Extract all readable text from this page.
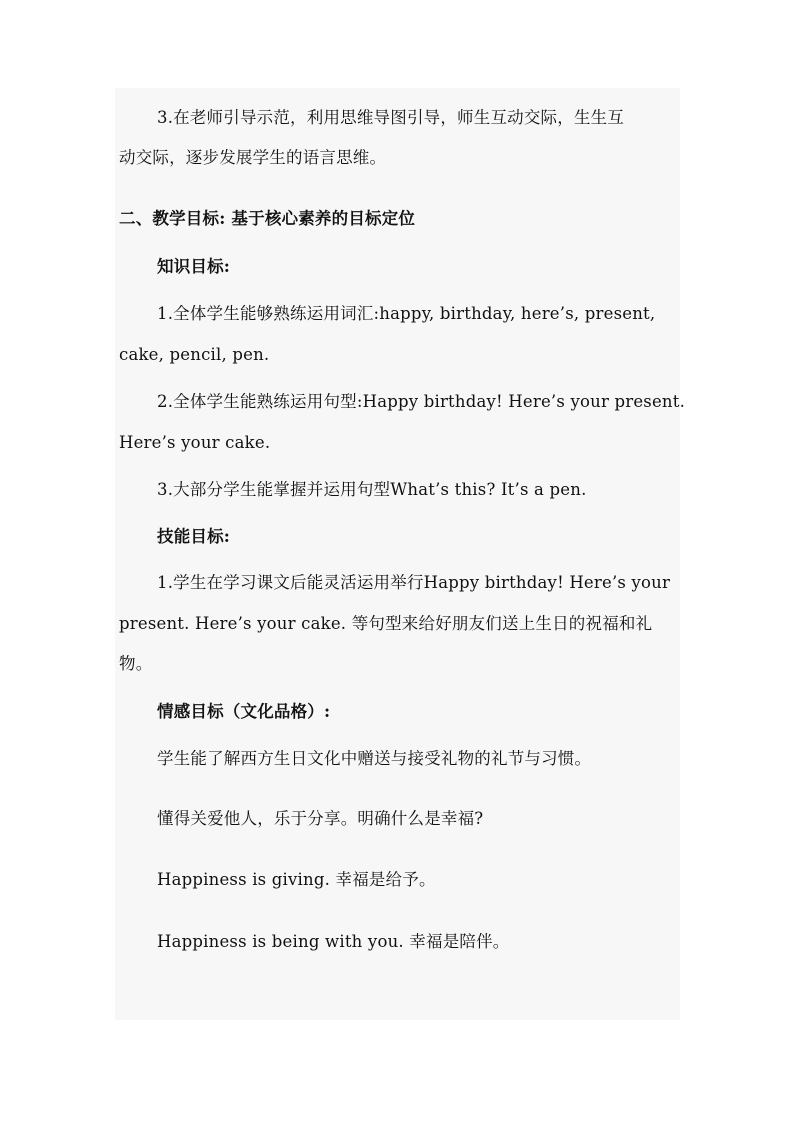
3.在老师引导示范，利用思维导图引导，师生互动交际，生生互

动交际，逐步发展学生的语言思维。

二、教学目标: 基于核心素养的目标定位

知识目标:

1.全体学生能够熟练运用词汇:happy, birthday, here’s, present,

cake, pencil, pen.

2.全体学生能熟练运用句型:Happy birthday! Here’s your present.

Here’s your cake.

3.大部分学生能掌握并运用句型What’s this? It’s a pen.

技能目标:

1.学生在学习课文后能灵活运用举行Happy birthday! Here’s your

present. Here’s your cake. 等句型来给好朋友们送上生日的祝福和礼

物。

情感目标（文化品格）:

学生能了解西方生日文化中赠送与接受礼物的礼节与习惯。

懂得关爱他人，乐于分享。明确什么是幸福?

Happiness is giving. 幸福是给予。

Happiness is being with you. 幸福是陪伴。
